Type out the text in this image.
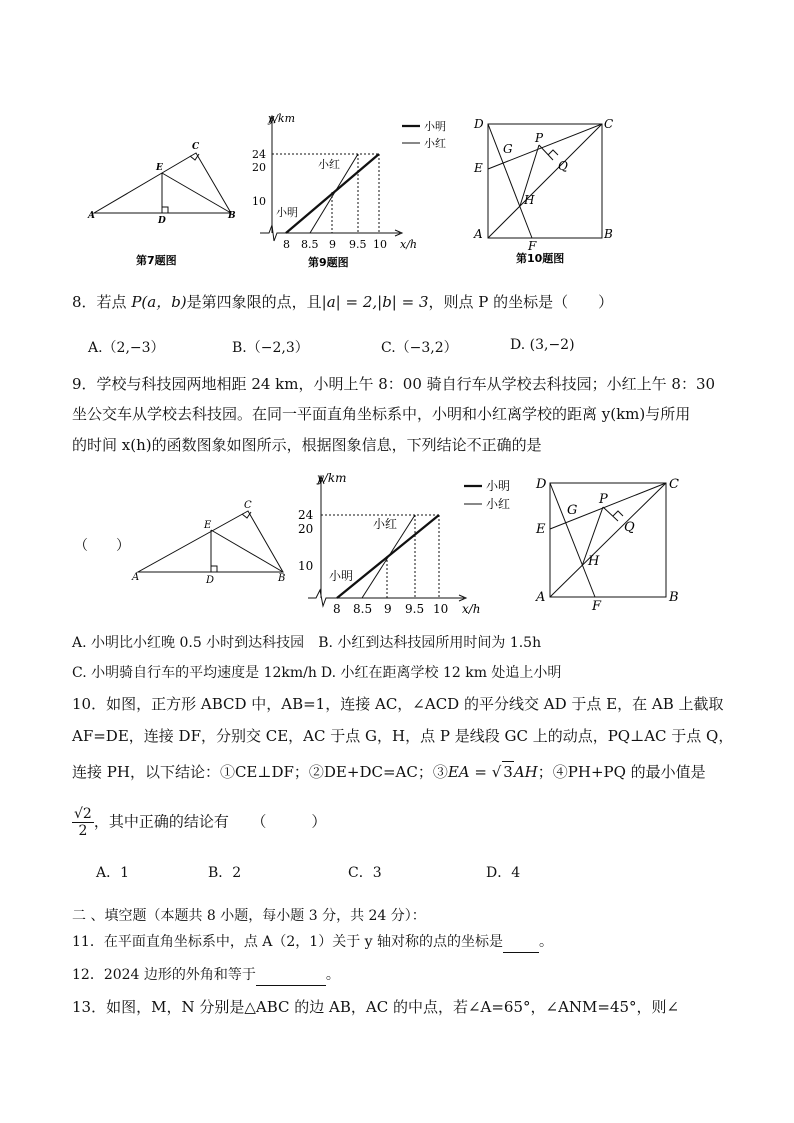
A	B
C
D
E
第7题图
小明
小红
y/km
x/h
24
20
10
8 8.5 9 9.5 10
小红
小明
第9题图
D	C
A	B
E
F
G
H
P
Q
第10题图
8．若点 P(a，b)是第四象限的点，且|a| = 2,|b| = 3，则点 P 的坐标是（　　）
A.（2,−3）	B.（−2,3）	C.（−3,2）	D. (3,−2)
9．学校与科技园两地相距 24 km，小明上午 8：00 骑自行车从学校去科技园；小红上午 8：30
坐公交车从学校去科技园。在同一平面直角坐标系中，小明和小红离学校的距离 y(km)与所用
的时间 x(h)的函数图象如图所示，根据图象信息，下列结论不正确的是
（　　）
A	B
C
D
E
小明
小红
y/km
x/h
24
20
10
8 8.5 9 9.5 10
小红
小明
D	C
A	B
E
F
G
H
P
Q
A. 小明比小红晚 0.5 小时到达科技园  B. 小红到达科技园所用时间为 1.5h
C. 小明骑自行车的平均速度是 12km/h D. 小红在距离学校 12 km 处追上小明
10．如图，正方形 ABCD 中，AB=1，连接 AC，∠ACD 的平分线交 AD 于点 E，在 AB 上截取
AF=DE，连接 DF，分别交 CE，AC 于点 G，H，点 P 是线段 GC 上的动点，PQ⊥AC 于点 Q，
连接 PH，以下结论：①CE⊥DF；②DE+DC=AC；③EA = √ 3AH；④PH+PQ 的最小值是
$\frac{√2}{2}$ ，其中正确的结论有　　（　　　）
A．1	B．2	C．3	D．4
二 、填空题（本题共 8 小题，每小题 3 分，共 24 分）：
11．在平面直角坐标系中，点 A（2，1）关于 y 轴对称的点的坐标是	。
12．2024 边形的外角和等于	。
13．如图，M，N 分别是△ABC 的边 AB，AC 的中点，若∠A=65°，∠ANM=45°，则∠
